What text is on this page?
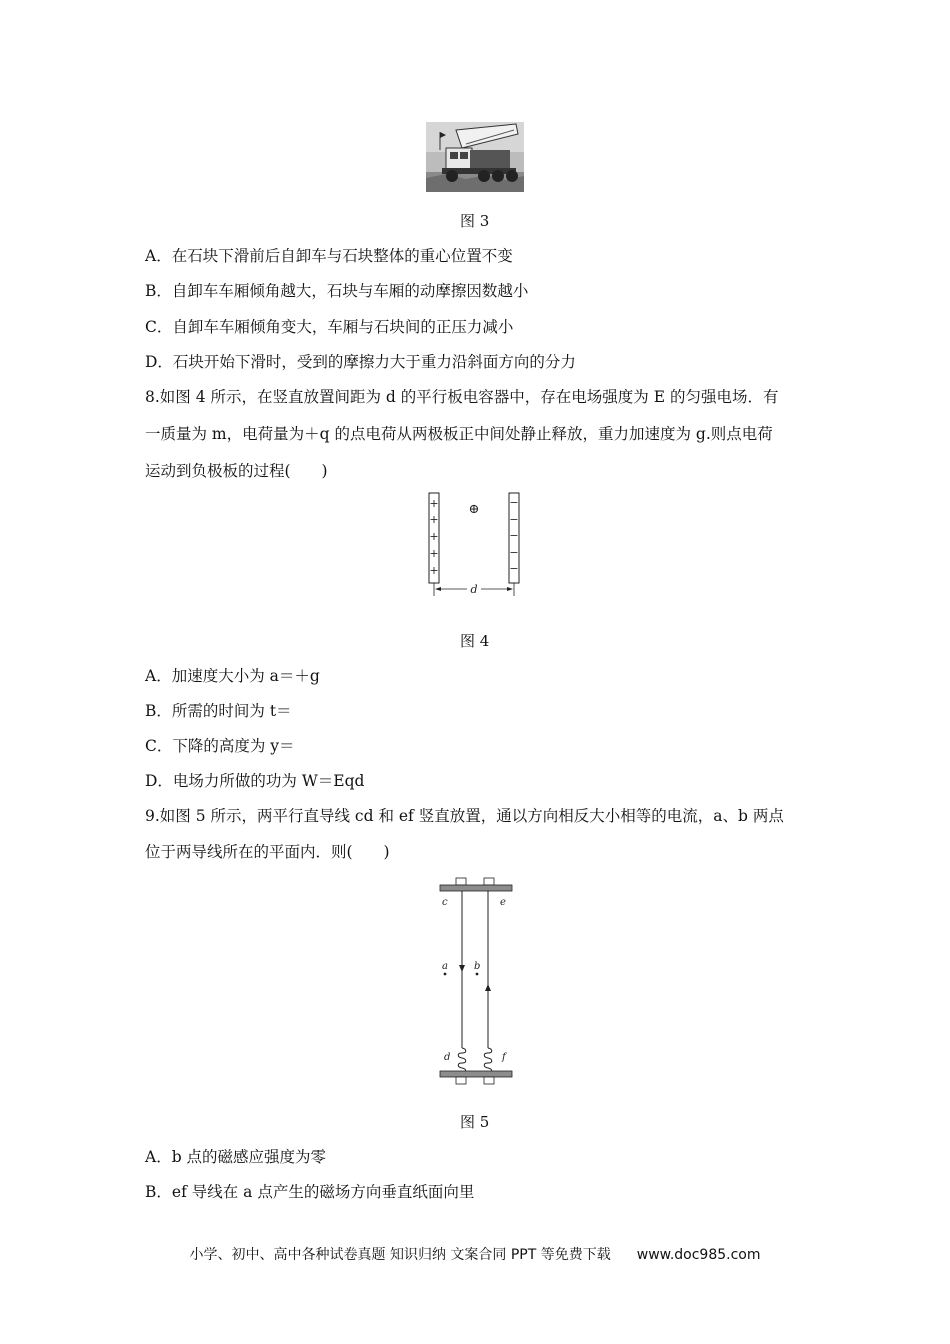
图 3
A．在石块下滑前后自卸车与石块整体的重心位置不变
B．自卸车车厢倾角越大，石块与车厢的动摩擦因数越小
C．自卸车车厢倾角变大，车厢与石块间的正压力减小
D．石块开始下滑时，受到的摩擦力大于重力沿斜面方向的分力
8.如图 4 所示，在竖直放置间距为 d 的平行板电容器中，存在电场强度为 E 的匀强电场．有
一质量为 m，电荷量为＋q 的点电荷从两极板正中间处静止释放，重力加速度为 g.则点电荷
运动到负极板的过程(　　)
+
+
+
+
+
−
−
−
−
−
⊕
d
图 4
A．加速度大小为 a＝＋g
B．所需的时间为 t＝
C．下降的高度为 y＝
D．电场力所做的功为 W＝Eqd
9.如图 5 所示，两平行直导线 cd 和 ef 竖直放置，通以方向相反大小相等的电流，a、b 两点
位于两导线所在的平面内．则(　　)
c	e
a	b
d	f
图 5
A．b 点的磁感应强度为零
B．ef 导线在 a 点产生的磁场方向垂直纸面向里
小学、初中、高中各种试卷真题 知识归纳 文案合同 PPT 等免费下载 www.doc985.com
